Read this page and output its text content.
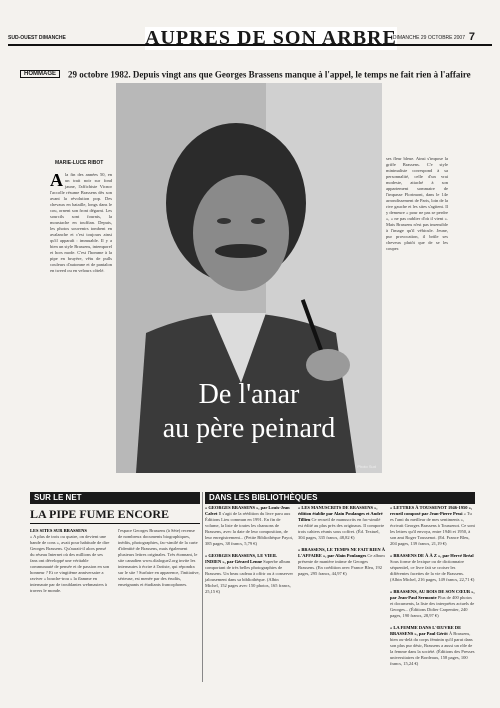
SUD-OUEST DIMANCHE	AUPRES DE SON ARBRE
DIMANCHE 29 OCTOBRE 2007 7
HOMMAGE 29 octobre 1982. Depuis vingt ans que Georges Brassens manque à l'appel, le temps ne fait rien à l'affaire
MARIE-LUCE RIBOT
A la fin des années 50, en un trait noir sur fond jaune, l'affichiste Vicnor l'accolle résume Brassens dès son avant la révolution pop. Des chevaux en bataille, longs dans le cou, ornent son front dégarni. Les sourcils sont fournis, la moustache en touffian. Depuis, les photos souvenirs tombent en avalanche et c'est toujours ainsi qu'il apparaît : immuable. Il y a bien un style Brassens, intemporel et hors mode. C'est l'homme à la pipe en bruyère, vêtu de pulls couleurs d'automne et de pantalon en tweed ou en velours côtelé.
De l'anar
au père peinard
Photo Sud
ses fleur bleue. Ainsi s'impose la griffe Brassens. C'e style minimaliste correspond à sa personnalité, celle d'un vrai modeste, attaché à son appartement sommaire de l'impasse Florimont, dans le 14e arrondissement de Paris, loin de la rive gauche et les sites s'agitent. Il y demeure « pour ne pas se perdre », « ne pas oublier d'où il vient ». Mais Brassens n'est pas insensible à l'image qu'il véhicule. Jeune, pur provocation, il brûle ses cheveux plutôt que de se les couper.
SUR LE NET	DANS LES BIBLIOTHÈQUES
LA PIPE FUME ENCORE
LES SITES SUR BRASSENS
« A plus de trois ou quatre, on devient une bande de cons », avait pour habitude de dire Georges Brassens. Qu'aurait-il alors pensé du réseau Internet où des millions de ses fans ont développé une véritable communauté de pensée et de passion en son honneur ? Et ce vingtième anniversaire a raviver « bouche-trou » la flamme en internaute par de troublantes webmasters à travers le monde.
l'espace Georges Brassens (à Sète) recense de nombreux documents biographiques, inédits, photographies, fac-similé de la carte d'identité de Brassens, mais également plusieurs lettres originales. Très étonnant, le site canadien www.dialogue2.org invite les internautes à écrire à l'artiste, qui répondra sur le site ! Surfaire en apparence, l'initiative, sérieuse, est menée par des érudits, enseignants et étudiants francophones.
« GEORGES BRASSENS », par Louis-Jean Calvet Il s'agit de la réédition du livre paru aux Éditions Lieu commun en 1991. En fin de volume, la liste de toutes les chansons de Brassens, avec la date de leur composition, de leur enregistrement... (Petite Bibliothèque Payot, 385 pages, 38 francs, 5,79 €)
« GEORGES BRASSENS, LE VIEIL INDIEN », par Gérard Lenne Superbe album comportant de très belles photographies de Brassens. Un beau cadeau à offrir ou à conserver jalousement dans sa bibliothèque. (Albin Michel, 152 pages avec 150 photos, 165 francs, 25,15 €)
« LES MANUSCRITS DE BRASSENS », édition établie par Alain Poulanges et André Tillieu Ce recueil de manuscrits en fac-similé est édité au plus près des originaux. Il comporte trois cahiers réunis sous coffret. (Éd. Textuel, 304 pages, 335 francs, 48,82 €)
« BRASSENS, LE TEMPS NE FAIT RIEN À L'AFFAIRE », par Alain Poulanges Ce album présente de manière intime de Georges Brassens. (En coédition avec France Bleu, 192 pages, 295 francs, 44,97 €)
« LETTRES À TOUSSENOT 1946-1950 », recueil composé par Jean-Pierre Pessi « Tu es l'ami du meilleur de mes sentiments », écrivait Georges Brassens à Toussenot. Ce sont les lettres qu'il envoya, entre 1946 et 1950, à son ami Roger Toussenot. (Ed. France Bleu, 204 pages, 139 francs, 21,19 €)
« BRASSENS DE À À Z », par Hervé Bréal Sous forme de lexique ou de dictionnaire séquentiel, ce livre fait se croiser les différentes facettes de la vie de Brassens. (Albin Michel, 216 pages, 149 francs, 22,71 €)
« BRASSENS, AU BOIS DE SON CŒUR », par Jean-Paul Sermonte Plus de 400 photos et documents, la liste des interprètes actuels de Georges... (Éditions Didier Carpentier, 240 pages, 190 francs, 28,97 €)
« LA FEMME DANS L'ŒUVRE DE BRASSENS », par Paul Gérôt À Brassens, bien ou-delà du corps féminin qu'il parut dans son plus pur désir, Brassens a aussi un rôle de la femme dans la société. (Éditions des Presses universitaires de Bordeaux, 158 pages, 100 francs, 15,24 €)
